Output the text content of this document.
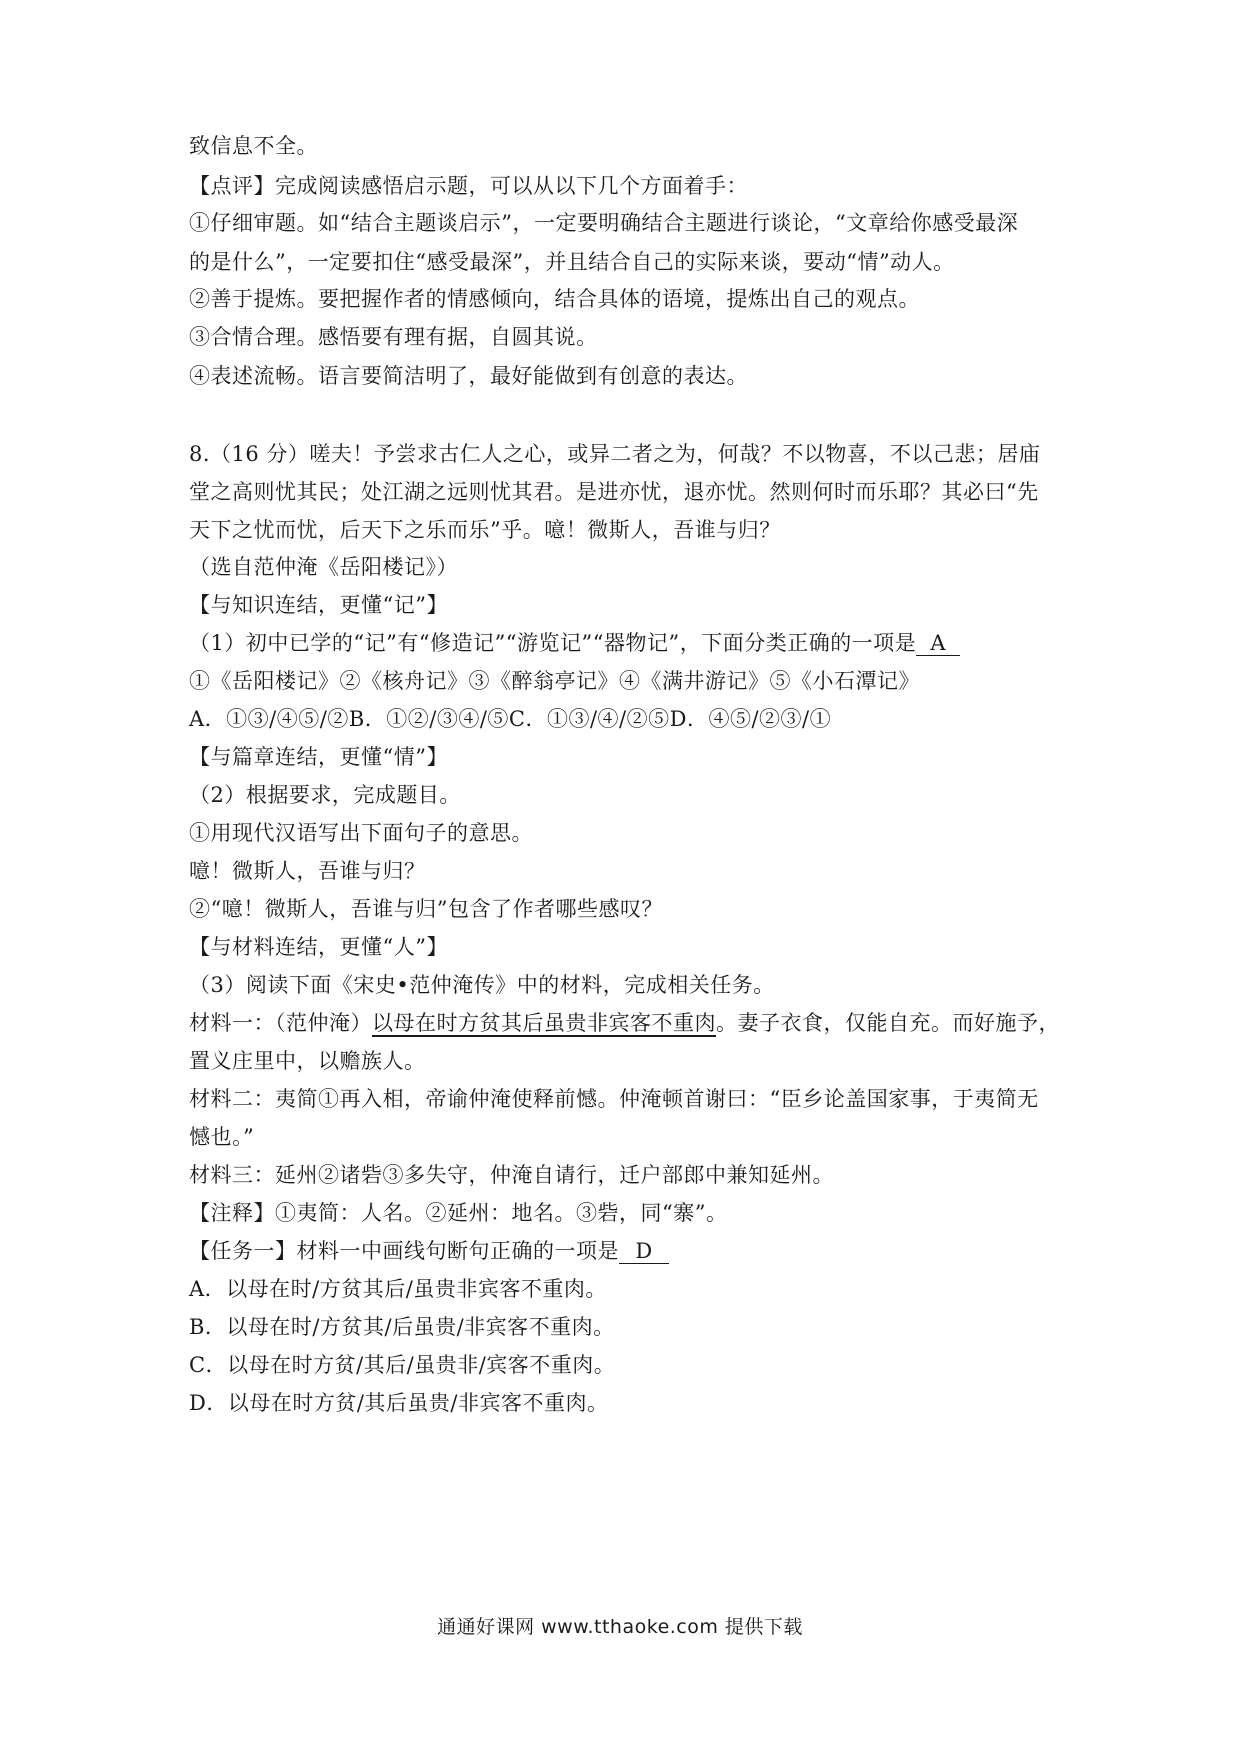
致信息不全。
【点评】完成阅读感悟启示题，可以从以下几个方面着手：
①仔细审题。如“结合主题谈启示”，一定要明确结合主题进行谈论，“文章给你感受最深
的是什么”，一定要扣住“感受最深”，并且结合自己的实际来谈，要动“情”动人。
②善于提炼。要把握作者的情感倾向，结合具体的语境，提炼出自己的观点。
③合情合理。感悟要有理有据，自圆其说。
④表述流畅。语言要简洁明了，最好能做到有创意的表达。
8.（16 分）嗟夫！予尝求古仁人之心，或异二者之为，何哉？不以物喜，不以己悲；居庙
堂之高则忧其民；处江湖之远则忧其君。是进亦忧，退亦忧。然则何时而乐耶？其必曰“先
天下之忧而忧，后天下之乐而乐”乎。噫！微斯人，吾谁与归？
（选自范仲淹《岳阳楼记》）
【与知识连结，更懂“记”】
（1）初中已学的“记”有“修造记”“游览记”“器物记”，下面分类正确的一项是 A
①《岳阳楼记》②《核舟记》③《醉翁亭记》④《满井游记》⑤《小石潭记》
A．①③/④⑤/②B．①②/③④/⑤C．①③/④/②⑤D．④⑤/②③/①
【与篇章连结，更懂“情”】
（2）根据要求，完成题目。
①用现代汉语写出下面句子的意思。
噫！微斯人，吾谁与归？
②“噫！微斯人，吾谁与归”包含了作者哪些感叹？
【与材料连结，更懂“人”】
（3）阅读下面《宋史•范仲淹传》中的材料，完成相关任务。
材料一：（范仲淹）以母在时方贫其后虽贵非宾客不重肉。妻子衣食，仅能自充。而好施予，
置义庄里中，以赡族人。
材料二：夷简①再入相，帝谕仲淹使释前憾。仲淹顿首谢曰：“臣乡论盖国家事，于夷简无
憾也。”
材料三：延州②诸砦③多失守，仲淹自请行，迁户部郎中兼知延州。
【注释】①夷简：人名。②延州：地名。③砦，同“寨”。
【任务一】材料一中画线句断句正确的一项是 D
A．以母在时/方贫其后/虽贵非宾客不重肉。
B．以母在时/方贫其/后虽贵/非宾客不重肉。
C．以母在时方贫/其后/虽贵非/宾客不重肉。
D．以母在时方贫/其后虽贵/非宾客不重肉。
通通好课网 www.tthaoke.com 提供下载
